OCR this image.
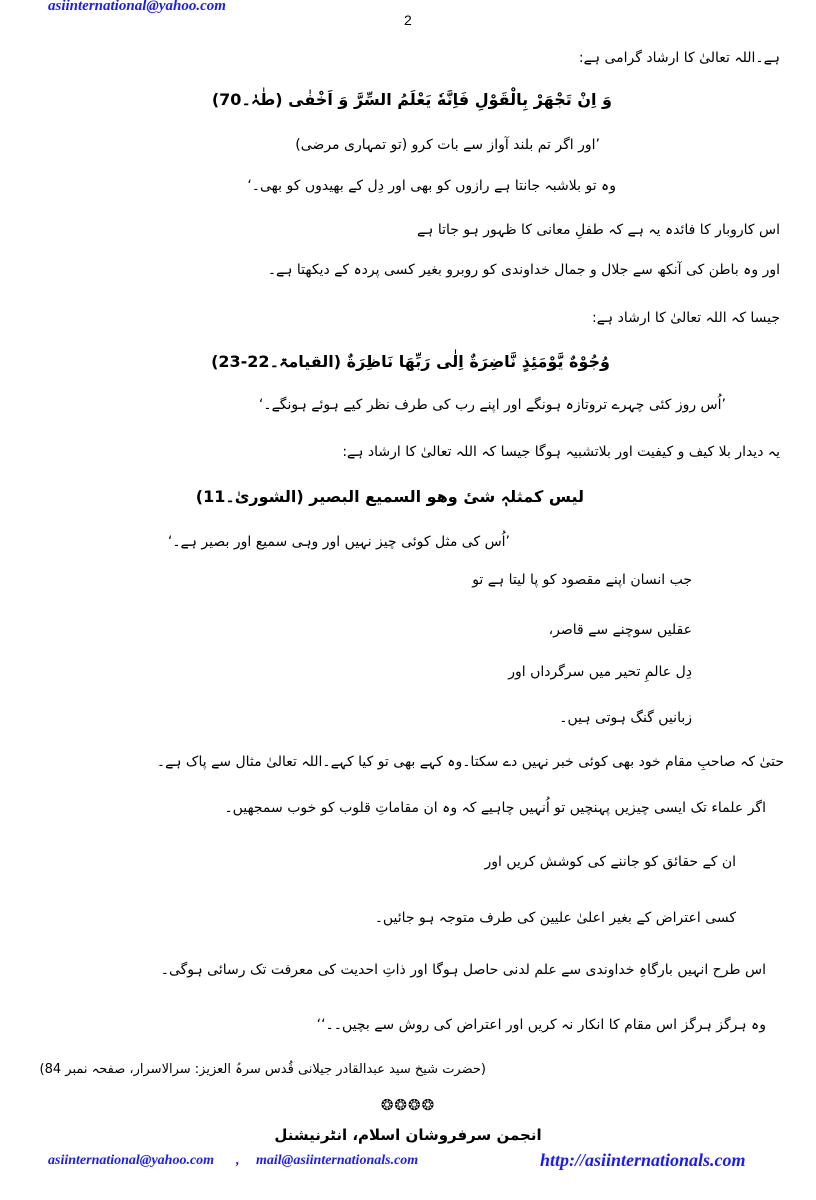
asiinternational@yahoo.com
2
ہے۔اللہ تعالیٰ کا ارشاد گرامی ہے:
وَ اِنْ تَجْهَرْ بِالْقَوْلِ فَاِنَّهٗ يَعْلَمُ السِّرَّ وَ اَخْفٰى (طٰہٰ۔70)
’اور اگر تم بلند آواز سے بات کرو (تو تمہاری مرضی)
وہ تو بلاشبہ جانتا ہے رازوں کو بھی اور دِل کے بھیدوں کو بھی۔‘
اس کاروبار کا فائدہ یہ ہے کہ طفلِ معانی کا ظہور ہو جاتا ہے
اور وہ باطن کی آنکھ سے جلال و جمال خداوندی کو روبرو بغیر کسی پردہ کے دیکھتا ہے۔
جیسا کہ اللہ تعالیٰ کا ارشاد ہے:
وُجُوْهٌ يَّوْمَئِذٍ نَّاضِرَةٌ اِلٰى رَبِّهَا نَاظِرَةٌ (القیامۃ۔22-23)
’اُس روز کئی چہرے تروتازہ ہونگے اور اپنے رب کی طرف نظر کیے ہوئے ہونگے۔‘
یہ دیدار بلا کیف و کیفیت اور بلاتشبیہ ہوگا جیسا کہ اللہ تعالیٰ کا ارشاد ہے:
لیس کمثلہٖ شیٔ وھو السمیع البصیر (الشوریٰ۔11)
’اُس کی مثل کوئی چیز نہیں اور وہی سمیع اور بصیر ہے۔‘
جب انسان اپنے مقصود کو پا لیتا ہے تو
عقلیں سوچنے سے قاصر،
دِل عالمِ تحیر میں سرگرداں اور
زبانیں گنگ ہوتی ہیں۔
حتیٰ کہ صاحبِ مقام خود بھی کوئی خبر نہیں دے سکتا۔وہ کہے بھی تو کیا کہے۔اللہ تعالیٰ مثال سے پاک ہے۔
اگر علماء تک ایسی چیزیں پہنچیں تو اُنہیں چاہیے کہ وہ ان مقاماتِ قلوب کو خوب سمجھیں۔
ان کے حقائق کو جاننے کی کوشش کریں اور
کسی اعتراض کے بغیر اعلیٰ علیین کی طرف متوجہ ہو جائیں۔
اس طرح انہیں بارگاہِ خداوندی سے علم لدنی حاصل ہوگا اور ذاتِ احدیت کی معرفت تک رسائی ہوگی۔
وہ ہرگز ہرگز اس مقام کا انکار نہ کریں اور اعتراض کی روش سے بچیں۔۔‘‘
(حضرت شیخ سید عبدالقادر جیلانی قُدس سرہُ العزیز: سرالاسرار، صفحہ نمبر 84)
❂❂❂❂
انجمن سرفروشان اسلام، انٹرنیشنل
asiinternational@yahoo.com , mail@asiinternationals.com	http://asiinternationals.com
